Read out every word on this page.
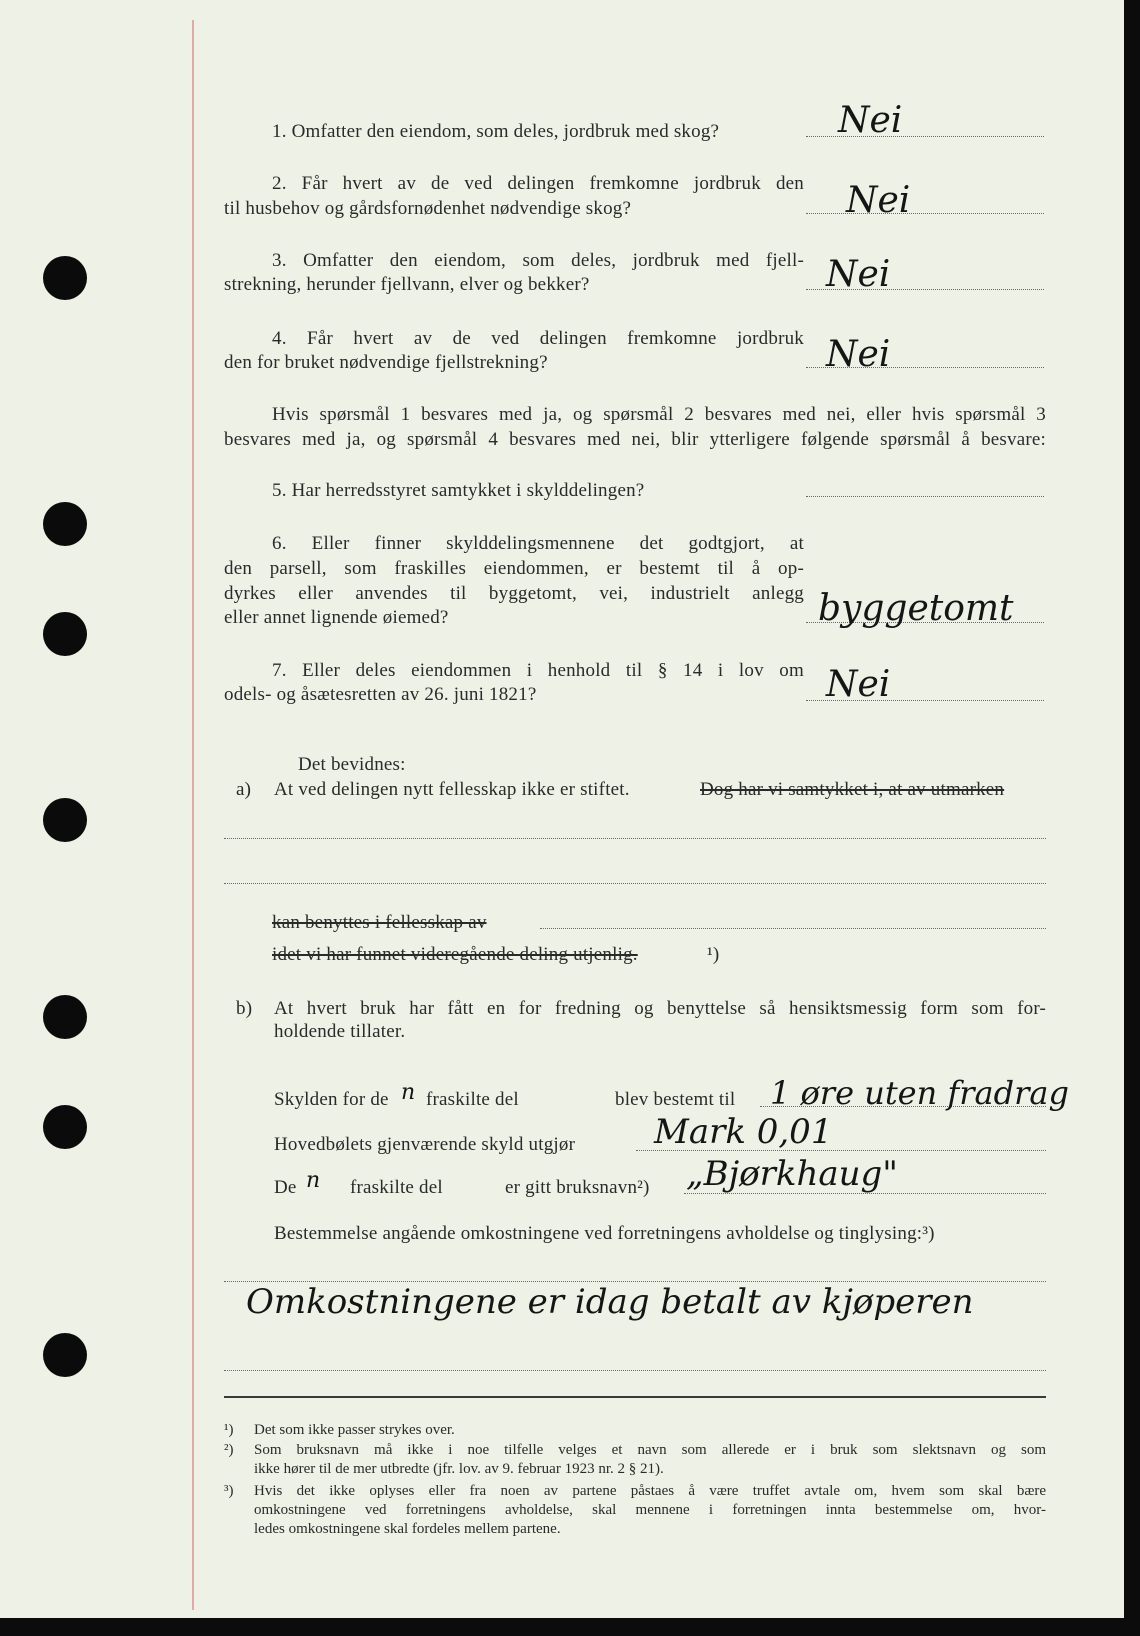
1. Omfatter den eiendom, som deles, jordbruk med skog?	Nei
2. Får hvert av de ved delingen fremkomne jordbruk den
til husbehov og gårdsfornødenhet nødvendige skog?	Nei
3. Omfatter den eiendom, som deles, jordbruk med fjell-
strekning, herunder fjellvann, elver og bekker?	Nei
4. Får hvert av de ved delingen fremkomne jordbruk
den for bruket nødvendige fjellstrekning?	Nei
Hvis spørsmål 1 besvares med ja, og spørsmål 2 besvares med nei, eller hvis spørsmål 3
besvares med ja, og spørsmål 4 besvares med nei, blir ytterligere følgende spørsmål å besvare:
5. Har herredsstyret samtykket i skylddelingen?
6. Eller finner skylddelingsmennene det godtgjort, at
den parsell, som fraskilles eiendommen, er bestemt til å op-
dyrkes eller anvendes til byggetomt, vei, industrielt anlegg
eller annet lignende øiemed?	byggetomt
7. Eller deles eiendommen i henhold til § 14 i lov om
odels- og åsætesretten av 26. juni 1821?	Nei
Det bevidnes:
a) At ved delingen nytt fellesskap ikke er stiftet.	Dog har vi samtykket i, at av utmarken
kan benyttes i fellesskap av
idet vi har funnet videregående deling utjenlig.	¹)
b) At hvert bruk har fått en for fredning og benyttelse så hensiktsmessig form som for-
holdende tillater.
Skylden for de n fraskilte del	blev bestemt til 1 øre uten fradrag
Hovedbølets gjenværende skyld utgjør Mark 0,01
De n fraskilte del	er gitt bruksnavn²) „Bjørkhaug"
Bestemmelse angående omkostningene ved forretningens avholdelse og tinglysing:³)
Omkostningene er idag betalt av kjøperen
¹) Det som ikke passer strykes over.
²) Som bruksnavn må ikke i noe tilfelle velges et navn som allerede er i bruk som slektsnavn og som
ikke hører til de mer utbredte (jfr. lov. av 9. februar 1923 nr. 2 § 21).
³) Hvis det ikke oplyses eller fra noen av partene påstaes å være truffet avtale om, hvem som skal bære
omkostningene ved forretningens avholdelse, skal mennene i forretningen innta bestemmelse om, hvor-
ledes omkostningene skal fordeles mellem partene.
